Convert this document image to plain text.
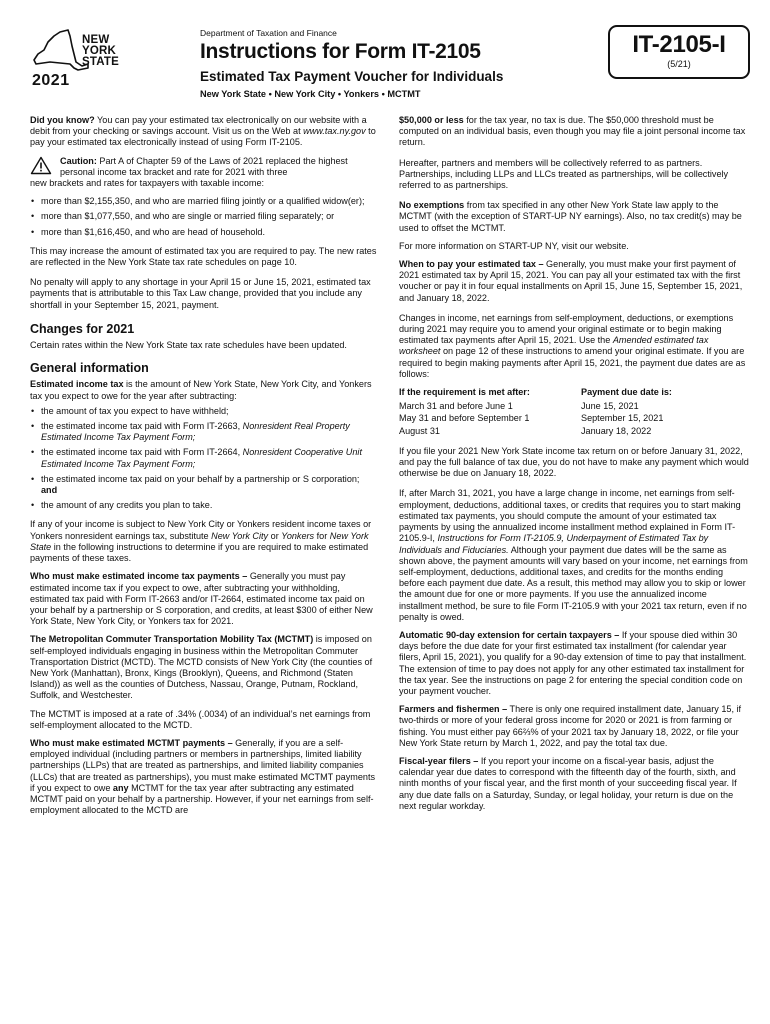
NEW
YORK
STATE
2021
Department of Taxation and Finance
Instructions for Form IT-2105
Estimated Tax Payment Voucher for Individuals
New York State • New York City • Yonkers • MCTMT
IT-2105-I
(5/21)

Did you know? You can pay your estimated tax electronically on our website with a debit from your checking or savings account. Visit us on the Web at www.tax.ny.gov to pay your estimated tax electronically instead of using Form IT-2105.

Caution: Part A of Chapter 59 of the Laws of 2021 replaced the highest personal income tax bracket and rate for 2021 with three

new brackets and rates for taxpayers with taxable income:

• more than $2,155,350, and who are married filing jointly or a qualified widow(er);
• more than $1,077,550, and who are single or married filing separately; or
• more than $1,616,450, and who are head of household.

This may increase the amount of estimated tax you are required to pay. The new rates are reflected in the New York State tax rate schedules on page 10.

No penalty will apply to any shortage in your April 15 or June 15, 2021, estimated tax payments that is attributable to this Tax Law change, provided that you include any shortfall in your September 15, 2021, payment.

Changes for 2021

Certain rates within the New York State tax rate schedules have been updated.

General information

Estimated income tax is the amount of New York State, New York City, and Yonkers tax you expect to owe for the year after subtracting:

• the amount of tax you expect to have withheld;
• the estimated income tax paid with Form IT-2663, Nonresident Real Property Estimated Income Tax Payment Form;
• the estimated income tax paid with Form IT-2664, Nonresident Cooperative Unit Estimated Income Tax Payment Form;
• the estimated income tax paid on your behalf by a partnership or S corporation; and
• the amount of any credits you plan to take.

If any of your income is subject to New York City or Yonkers resident income taxes or Yonkers nonresident earnings tax, substitute New York City or Yonkers for New York State in the following instructions to determine if you are required to make estimated payments of these taxes.

Who must make estimated income tax payments – Generally you must pay estimated income tax if you expect to owe, after subtracting your withholding, estimated tax paid with Form IT-2663 and/or IT-2664, estimated income tax paid on your behalf by a partnership or S corporation, and credits, at least $300 of either New York State, New York City, or Yonkers tax for 2021.

The Metropolitan Commuter Transportation Mobility Tax (MCTMT) is imposed on self-employed individuals engaging in business within the Metropolitan Commuter Transportation District (MCTD). The MCTD consists of New York City (the counties of New York (Manhattan), Bronx, Kings (Brooklyn), Queens, and Richmond (Staten Island)) as well as the counties of Dutchess, Nassau, Orange, Putnam, Rockland, Suffolk, and Westchester.

The MCTMT is imposed at a rate of .34% (.0034) of an individual’s net earnings from self-employment allocated to the MCTD.

Who must make estimated MCTMT payments – Generally, if you are a self-employed individual (including partners or members in partnerships, limited liability partnerships (LLPs) that are treated as partnerships, and limited liability companies (LLCs) that are treated as partnerships), you must make estimated MCTMT payments if you expect to owe any MCTMT for the tax year after subtracting any estimated MCTMT paid on your behalf by a partnership. However, if your net earnings from self-employment allocated to the MCTD are

$50,000 or less for the tax year, no tax is due. The $50,000 threshold must be computed on an individual basis, even though you may file a joint personal income tax return.

Hereafter, partners and members will be collectively referred to as partners. Partnerships, including LLPs and LLCs treated as partnerships, will be collectively referred to as partnerships.

No exemptions from tax specified in any other New York State law apply to the MCTMT (with the exception of START-UP NY earnings). Also, no tax credit(s) may be used to offset the MCTMT.

For more information on START-UP NY, visit our website.

When to pay your estimated tax – Generally, you must make your first payment of 2021 estimated tax by April 15, 2021. You can pay all your estimated tax with the first voucher or pay it in four equal installments on April 15, June 15, September 15, 2021, and January 18, 2022.

Changes in income, net earnings from self-employment, deductions, or exemptions during 2021 may require you to amend your original estimate or to begin making estimated tax payments after April 15, 2021. Use the Amended estimated tax worksheet on page 12 of these instructions to amend your original estimate. If you are required to begin making payments after April 15, 2021, the payment due dates are as follows:

If the requirement is met after:	Payment due date is:
March 31 and before June 1	June 15, 2021
May 31 and before September 1	September 15, 2021
August 31	January 18, 2022

If you file your 2021 New York State income tax return on or before January 31, 2022, and pay the full balance of tax due, you do not have to make any payment which would otherwise be due on January 18, 2022.

If, after March 31, 2021, you have a large change in income, net earnings from self-employment, deductions, additional taxes, or credits that requires you to start making estimated tax payments, you should compute the amount of your estimated tax payments by using the annualized income installment method explained in Form IT-2105.9-I, Instructions for Form IT-2105.9, Underpayment of Estimated Tax by Individuals and Fiduciaries. Although your payment due dates will be the same as shown above, the payment amounts will vary based on your income, net earnings from self-employment, deductions, additional taxes, and credits for the months ending before each payment due date. As a result, this method may allow you to skip or lower the amount due for one or more payments. If you use the annualized income installment method, be sure to file Form IT-2105.9 with your 2021 tax return, even if no penalty is owed.

Automatic 90-day extension for certain taxpayers – If your spouse died within 30 days before the due date for your first estimated tax installment (for calendar year filers, April 15, 2021), you qualify for a 90-day extension of time to pay that installment. The extension of time to pay does not apply for any other estimated tax installment for the tax year. See the instructions on page 2 for entering the special condition code on your payment voucher.

Farmers and fishermen – There is only one required installment date, January 15, if two-thirds or more of your federal gross income for 2020 or 2021 is from farming or fishing. You must either pay 66⅔% of your 2021 tax by January 18, 2022, or file your New York State return by March 1, 2022, and pay the total tax due.

Fiscal-year filers – If you report your income on a fiscal-year basis, adjust the calendar year due dates to correspond with the fifteenth day of the fourth, sixth, and ninth months of your fiscal year, and the first month of your succeeding fiscal year. If any due date falls on a Saturday, Sunday, or legal holiday, your return is due on the next regular workday.
